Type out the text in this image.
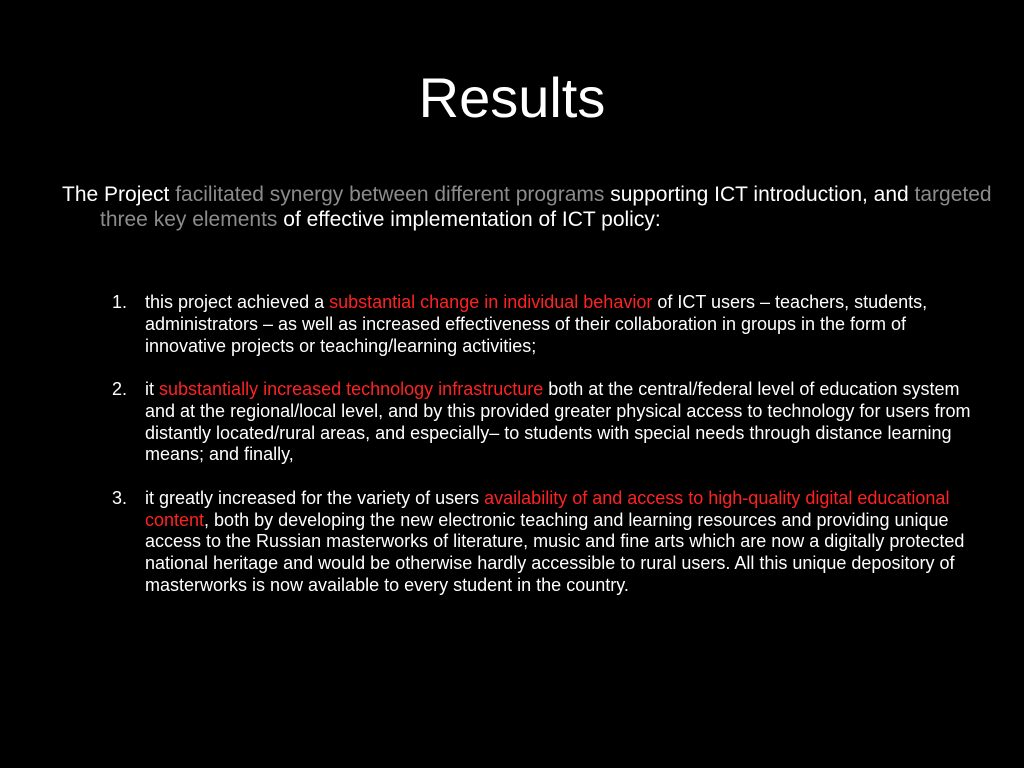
Results
The Project facilitated synergy between different programs supporting ICT introduction, and targeted three key elements of effective implementation of ICT policy:
1. this project achieved a substantial change in individual behavior of ICT users – teachers, students, administrators – as well as increased effectiveness of their collaboration in groups in the form of innovative projects or teaching/learning activities;
2. it substantially increased technology infrastructure both at the central/federal level of education system and at the regional/local level, and by this provided greater physical access to technology for users from distantly located/rural areas, and especially– to students with special needs through distance learning means; and finally,
3. it greatly increased for the variety of users availability of and access to high-quality digital educational content, both by developing the new electronic teaching and learning resources and providing unique access to the Russian masterworks of literature, music and fine arts which are now a digitally protected national heritage and would be otherwise hardly accessible to rural users. All this unique depository of masterworks is now available to every student in the country.
